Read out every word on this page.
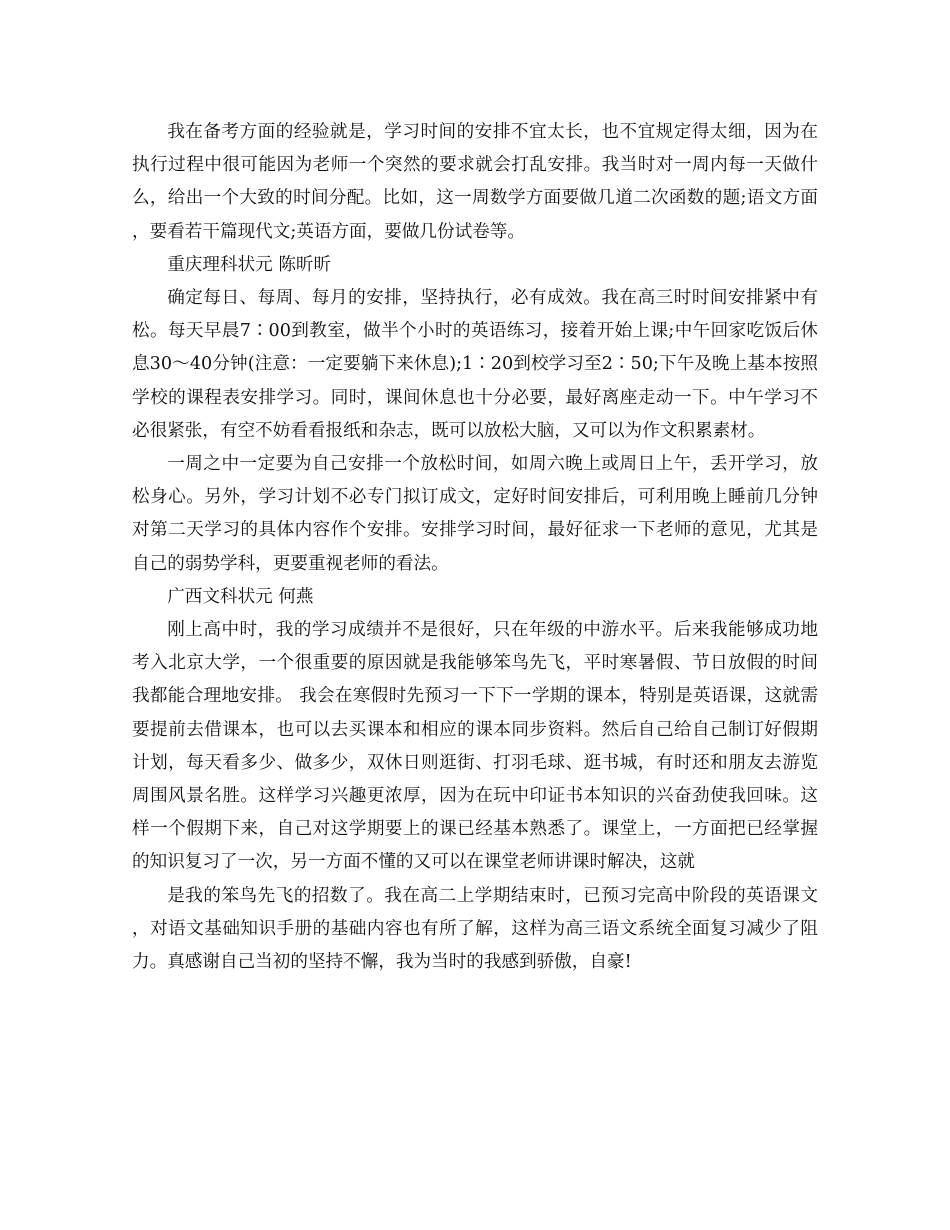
我在备考方面的经验就是，学习时间的安排不宜太长，也不宜规定得太细，因为在执行过程中很可能因为老师一个突然的要求就会打乱安排。我当时对一周内每一天做什么，给出一个大致的时间分配。比如，这一周数学方面要做几道二次函数的题;语文方面，要看若干篇现代文;英语方面，要做几份试卷等。

重庆理科状元 陈昕昕

确定每日、每周、每月的安排，坚持执行，必有成效。我在高三时时间安排紧中有松。每天早晨7∶00到教室，做半个小时的英语练习，接着开始上课;中午回家吃饭后休息30～40分钟(注意：一定要躺下来休息);1∶20到校学习至2∶50;下午及晚上基本按照学校的课程表安排学习。同时，课间休息也十分必要，最好离座走动一下。中午学习不必很紧张，有空不妨看看报纸和杂志，既可以放松大脑，又可以为作文积累素材。

一周之中一定要为自己安排一个放松时间，如周六晚上或周日上午，丢开学习，放松身心。另外，学习计划不必专门拟订成文，定好时间安排后，可利用晚上睡前几分钟对第二天学习的具体内容作个安排。安排学习时间，最好征求一下老师的意见，尤其是自己的弱势学科，更要重视老师的看法。

广西文科状元 何燕

刚上高中时，我的学习成绩并不是很好，只在年级的中游水平。后来我能够成功地考入北京大学，一个很重要的原因就是我能够笨鸟先飞，平时寒暑假、节日放假的时间我都能合理地安排。 我会在寒假时先预习一下下一学期的课本，特别是英语课，这就需要提前去借课本，也可以去买课本和相应的课本同步资料。然后自己给自己制订好假期计划，每天看多少、做多少，双休日则逛街、打羽毛球、逛书城，有时还和朋友去游览周围风景名胜。这样学习兴趣更浓厚，因为在玩中印证书本知识的兴奋劲使我回味。这样一个假期下来，自己对这学期要上的课已经基本熟悉了。课堂上，一方面把已经掌握的知识复习了一次，另一方面不懂的又可以在课堂老师讲课时解决，这就

是我的笨鸟先飞的招数了。我在高二上学期结束时，已预习完高中阶段的英语课文，对语文基础知识手册的基础内容也有所了解，这样为高三语文系统全面复习减少了阻力。真感谢自己当初的坚持不懈，我为当时的我感到骄傲，自豪!
